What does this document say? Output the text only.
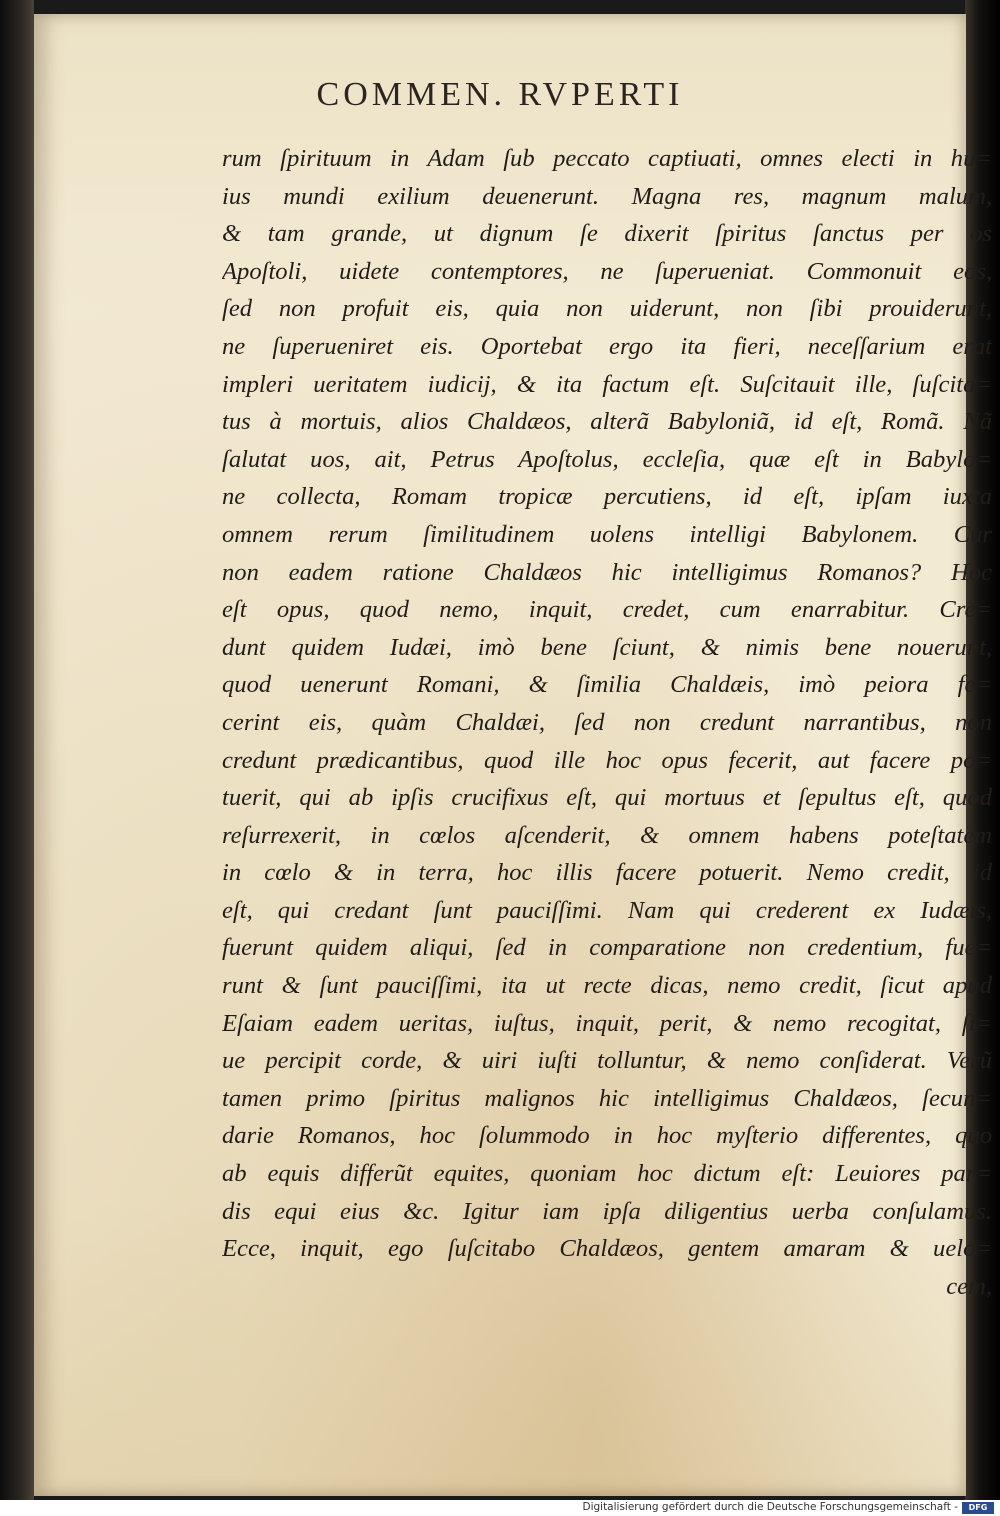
COMMEN. RVPERTI
rum ſpirituum in Adam ſub peccato captiuati, omnes electi in hu=
ius mundi exilium deuenerunt. Magna res, magnum malum,
& tam grande, ut dignum ſe dixerit ſpiritus ſanctus per os
Apoſtoli, uidete contemptores, ne ſuperueniat. Commonuit eos,
ſed non profuit eis, quia non uiderunt, non ſibi prouiderunt,
ne ſuperueniret eis. Oportebat ergo ita fieri, neceſſarium erat
impleri ueritatem iudicij, & ita factum eſt. Suſcitauit ille, ſuſcita=
tus à mortuis, alios Chaldæos, alterã Babyloniã, id eſt, Romã. Nã
ſalutat uos, ait, Petrus Apoſtolus, eccleſia, quæ eſt in Babylo=
ne collecta, Romam tropicæ percutiens, id eſt, ipſam iuxta
omnem rerum ſimilitudinem uolens intelligi Babylonem. Cur
non eadem ratione Chaldæos hic intelligimus Romanos? Hoc
eſt opus, quod nemo, inquit, credet, cum enarrabitur. Cre=
dunt quidem Iudæi, imò bene ſciunt, & nimis bene nouerunt,
quod uenerunt Romani, & ſimilia Chaldæis, imò peiora fe=
cerint eis, quàm Chaldæi, ſed non credunt narrantibus, non
credunt prædicantibus, quod ille hoc opus fecerit, aut facere po=
tuerit, qui ab ipſis crucifixus eſt, qui mortuus et ſepultus eſt, quod
reſurrexerit, in cœlos aſcenderit, & omnem habens poteſtatem
in cœlo & in terra, hoc illis facere potuerit. Nemo credit, id
eſt, qui credant ſunt pauciſſimi. Nam qui crederent ex Iudæis,
fuerunt quidem aliqui, ſed in comparatione non credentium, fue=
runt & ſunt pauciſſimi, ita ut recte dicas, nemo credit, ſicut apud
Eſaiam eadem ueritas, iuſtus, inquit, perit, & nemo recogitat, ſi=
ue percipit corde, & uiri iuſti tolluntur, & nemo conſiderat. Verũ
tamen primo ſpiritus malignos hic intelligimus Chaldæos, ſecun=
darie Romanos, hoc ſolummodo in hoc myſterio differentes, quo
ab equis differũt equites, quoniam hoc dictum eſt: Leuiores par=
dis equi eius &c. Igitur iam ipſa diligentius uerba conſulamus.
Ecce, inquit, ego ſuſcitabo Chaldæos, gentem amaram & uelo=
cem,
Digitalisierung gefördert durch die Deutsche Forschungsgemeinschaft -	DFG
